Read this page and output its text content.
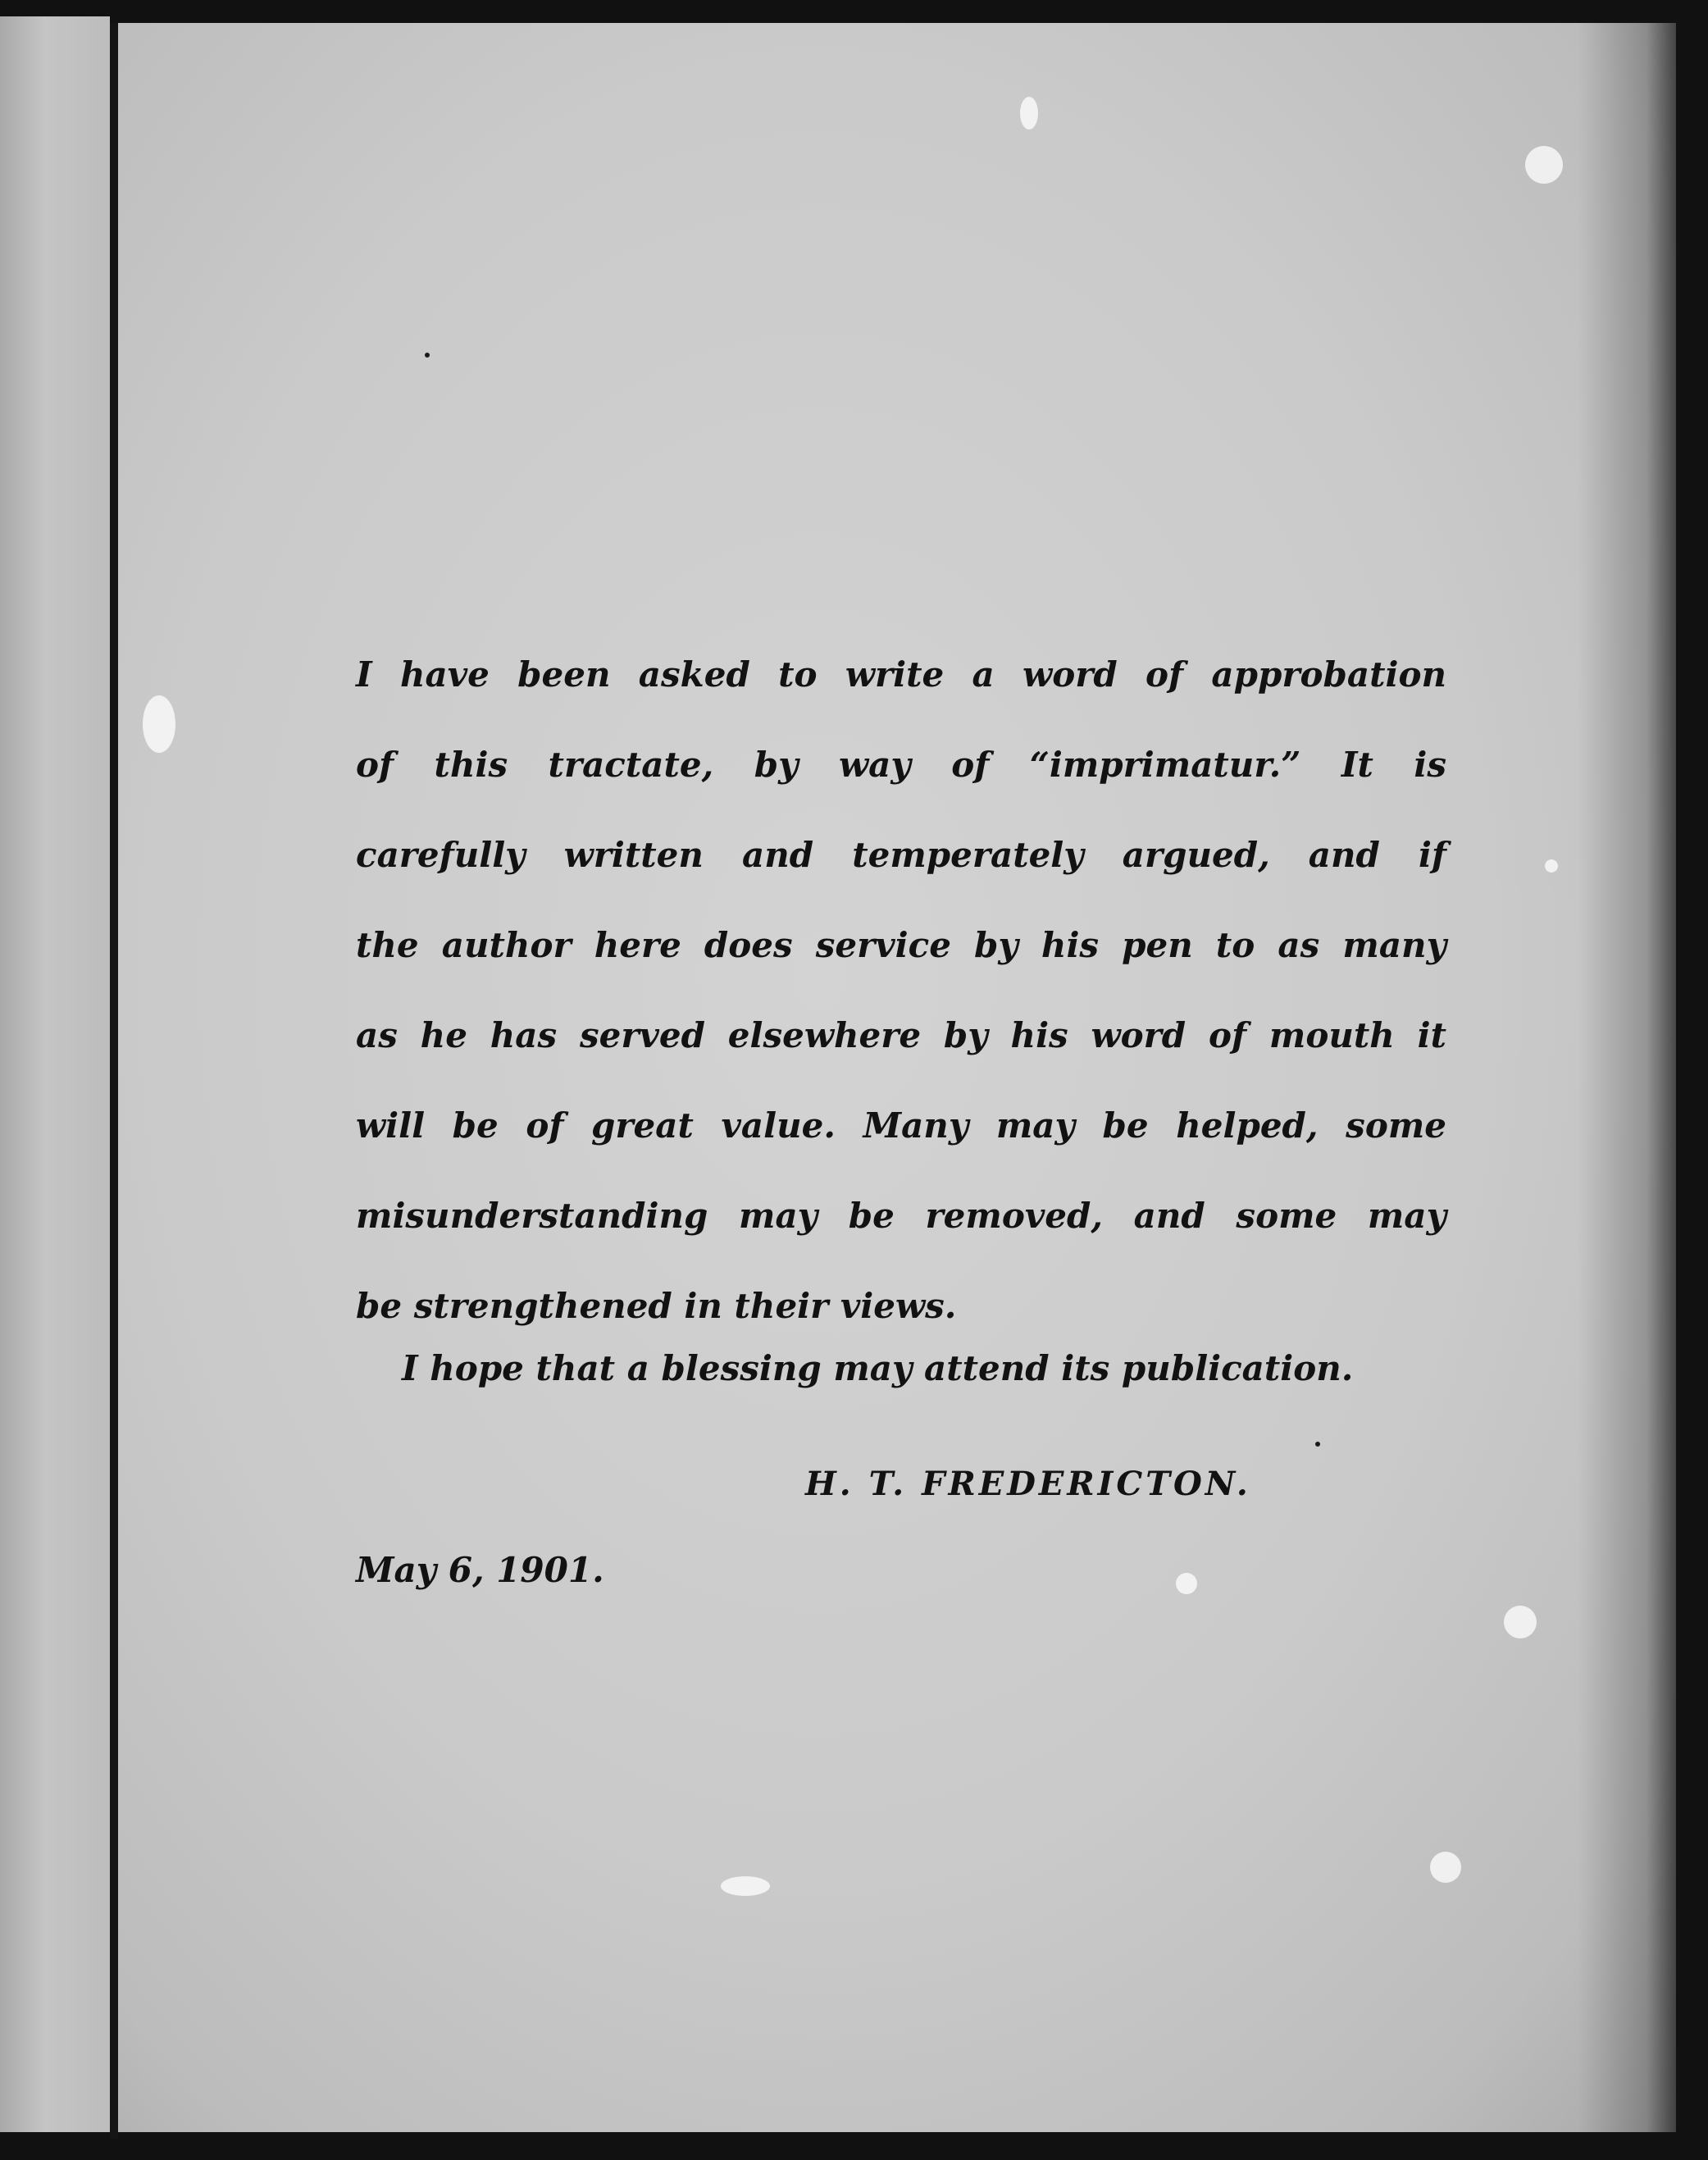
I have been asked to write a word of approbation
of this tractate, by way of “imprimatur.” It is
carefully written and temperately argued, and if
the author here does service by his pen to as many
as he has served elsewhere by his word of mouth it
will be of great value. Many may be helped, some
misunderstanding may be removed, and some may
be strengthened in their views.
I hope that a blessing may attend its publication.
H. T. FREDERICTON.
May 6, 1901.
